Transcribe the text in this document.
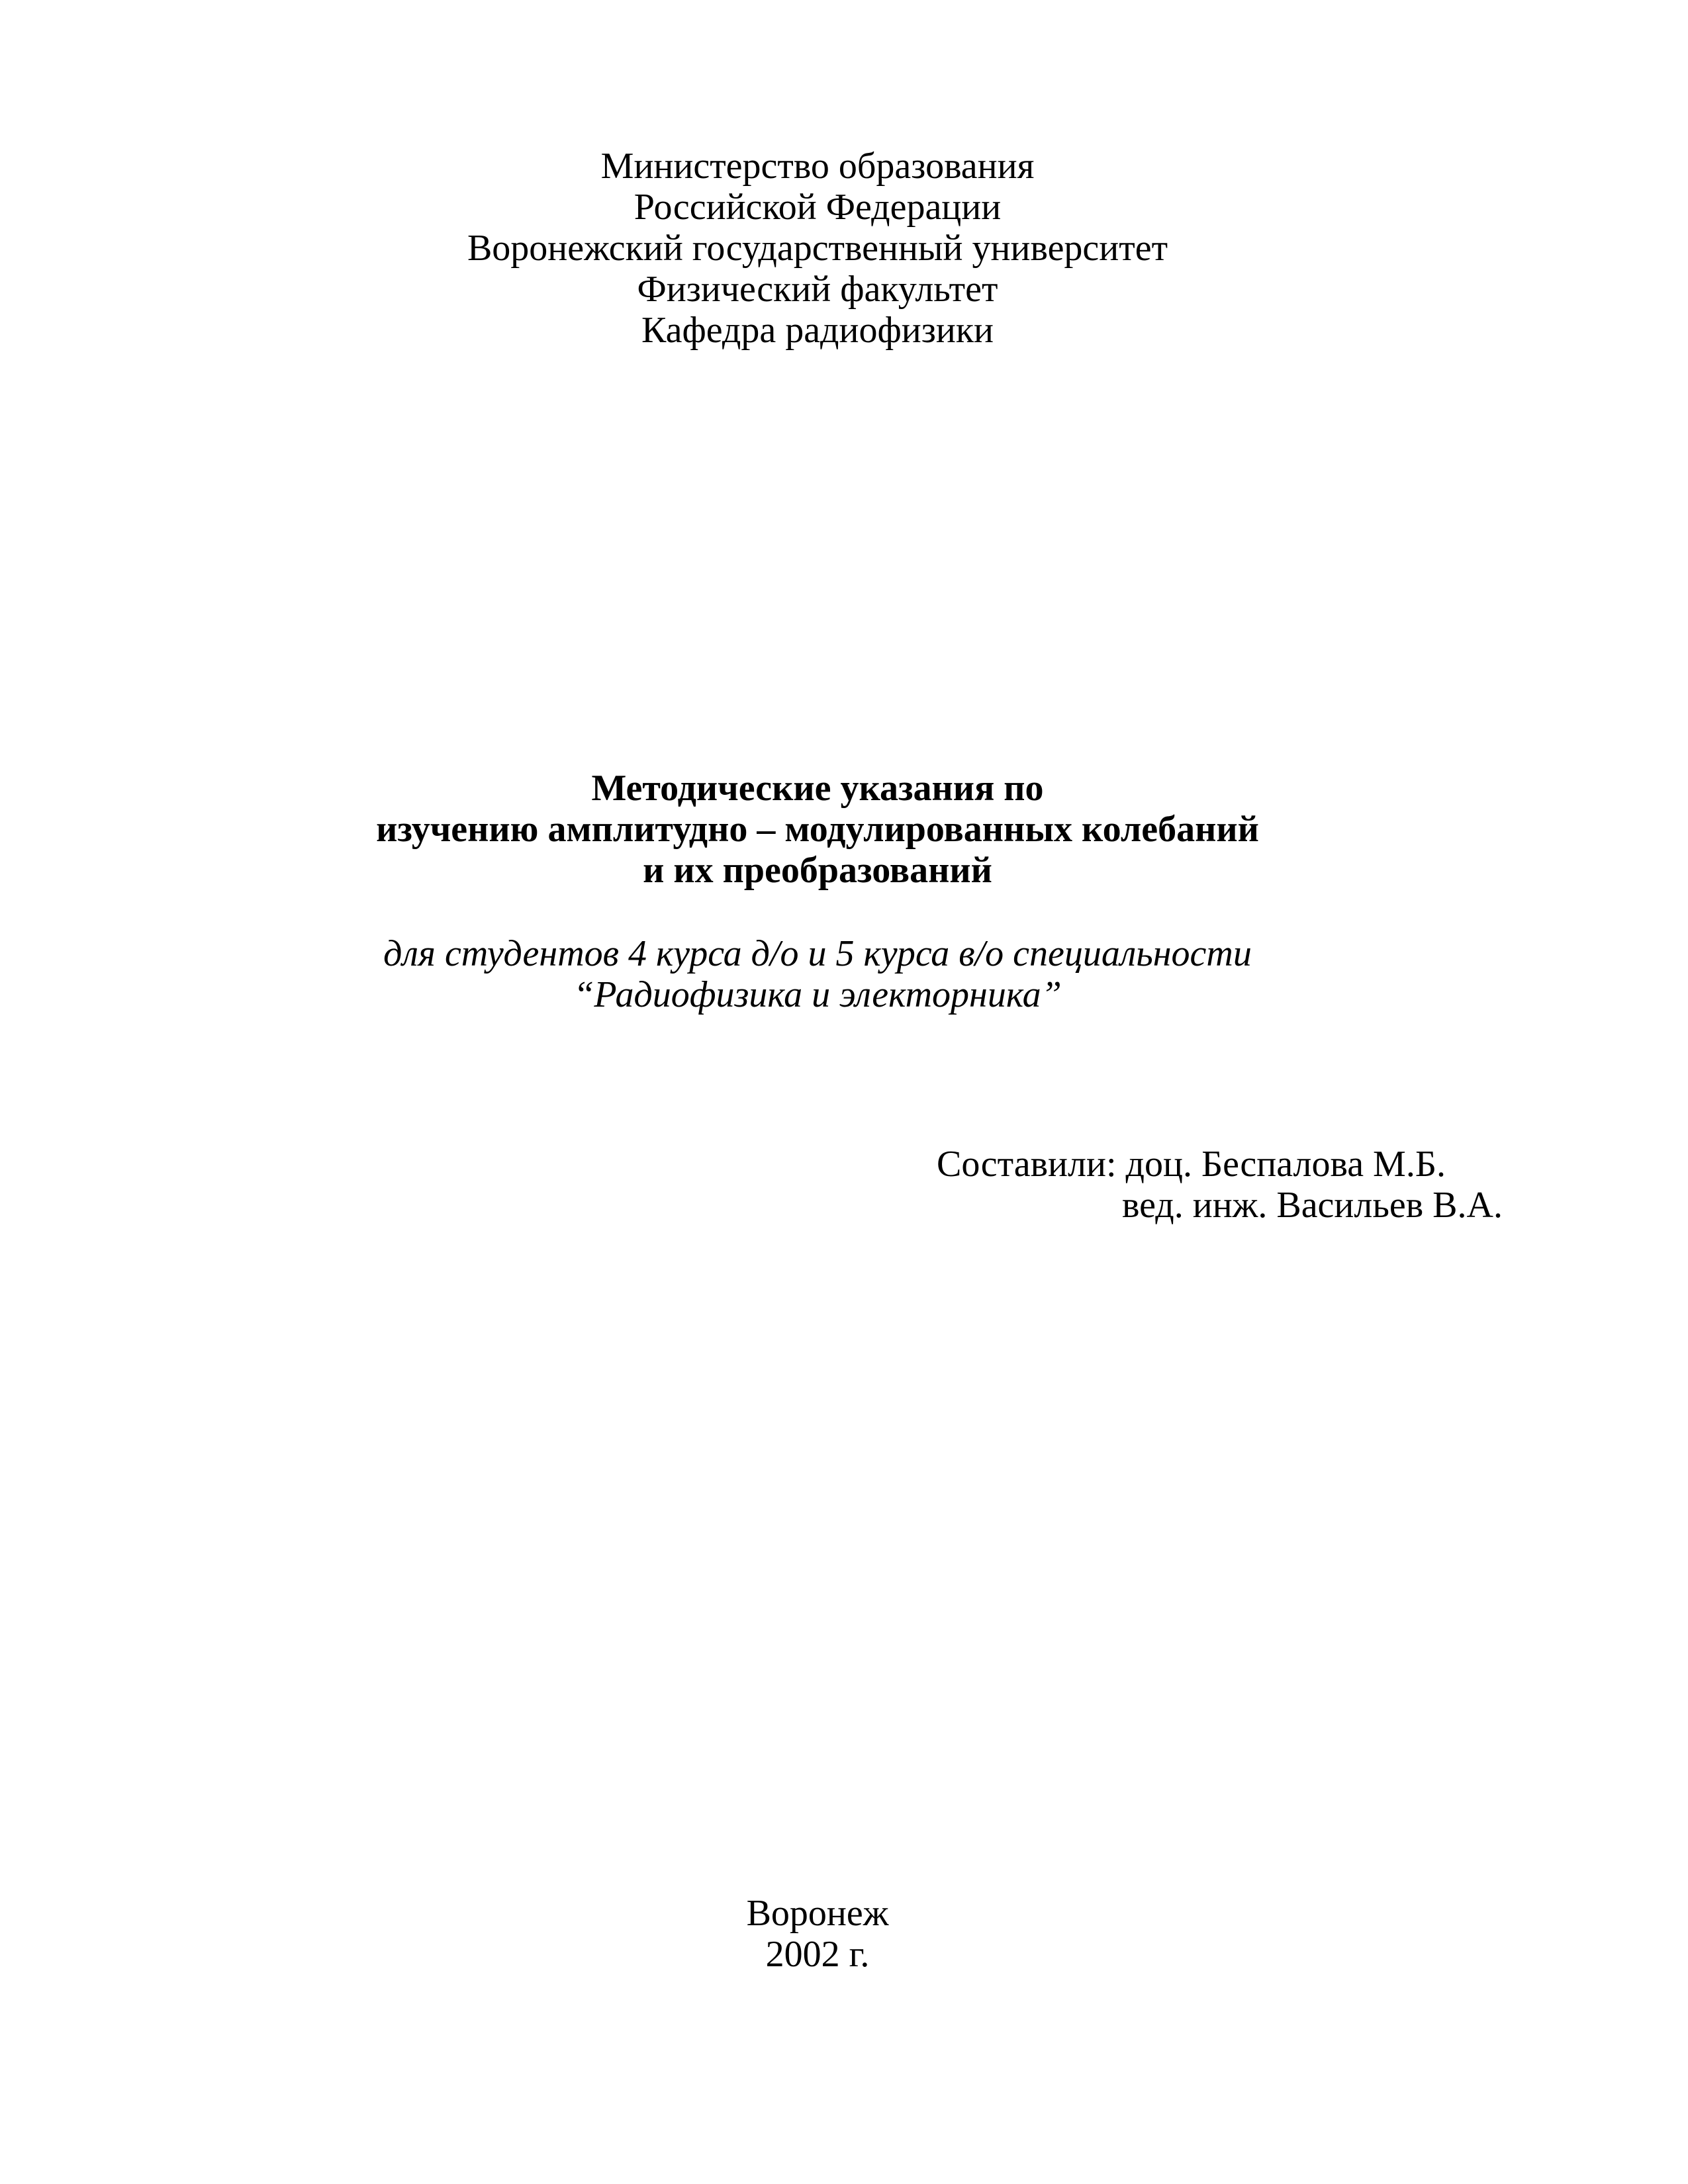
Министерство образования
Российской Федерации
Воронежский государственный университет
Физический факультет
Кафедра радиофизики
Методические указания по
изучению амплитудно – модулированных колебаний
и их преобразований
для студентов 4 курса д/о и 5 курса в/о специальности
“Радиофизика и электорника”
Составили: доц. Беспалова М.Б.
вед. инж. Васильев В.А.
Воронеж
2002 г.
